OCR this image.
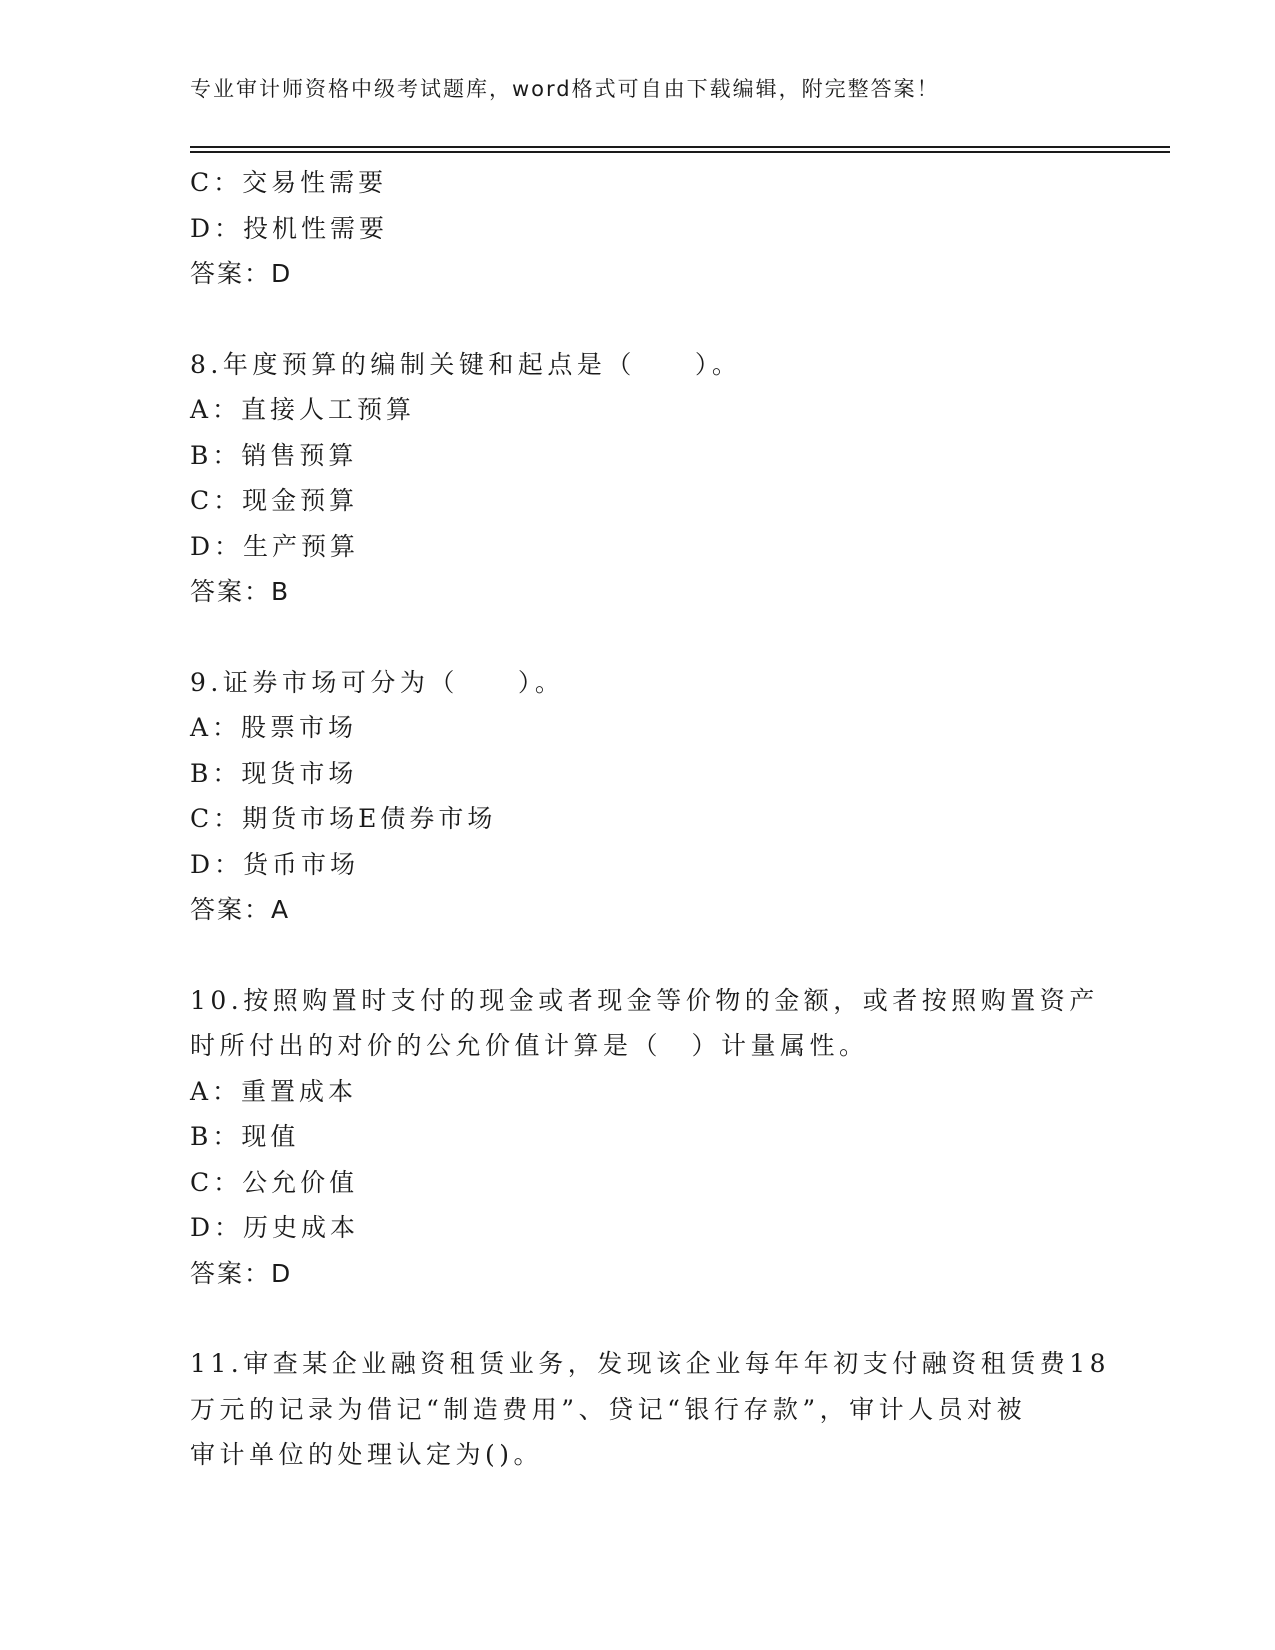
专业审计师资格中级考试题库，word格式可自由下载编辑，附完整答案！
C：交易性需要
D：投机性需要
答案：D
8.年度预算的编制关键和起点是（　　）。
A：直接人工预算
B：销售预算
C：现金预算
D：生产预算
答案：B
9.证券市场可分为（　　）。
A：股票市场
B：现货市场
C：期货市场E债券市场
D：货币市场
答案：A
10.按照购置时支付的现金或者现金等价物的金额，或者按照购置资产
时所付出的对价的公允价值计算是（　）计量属性。
A：重置成本
B：现值
C：公允价值
D：历史成本
答案：D
11.审查某企业融资租赁业务，发现该企业每年年初支付融资租赁费18
万元的记录为借记“制造费用”、贷记“银行存款”，审计人员对被
审计单位的处理认定为()。
